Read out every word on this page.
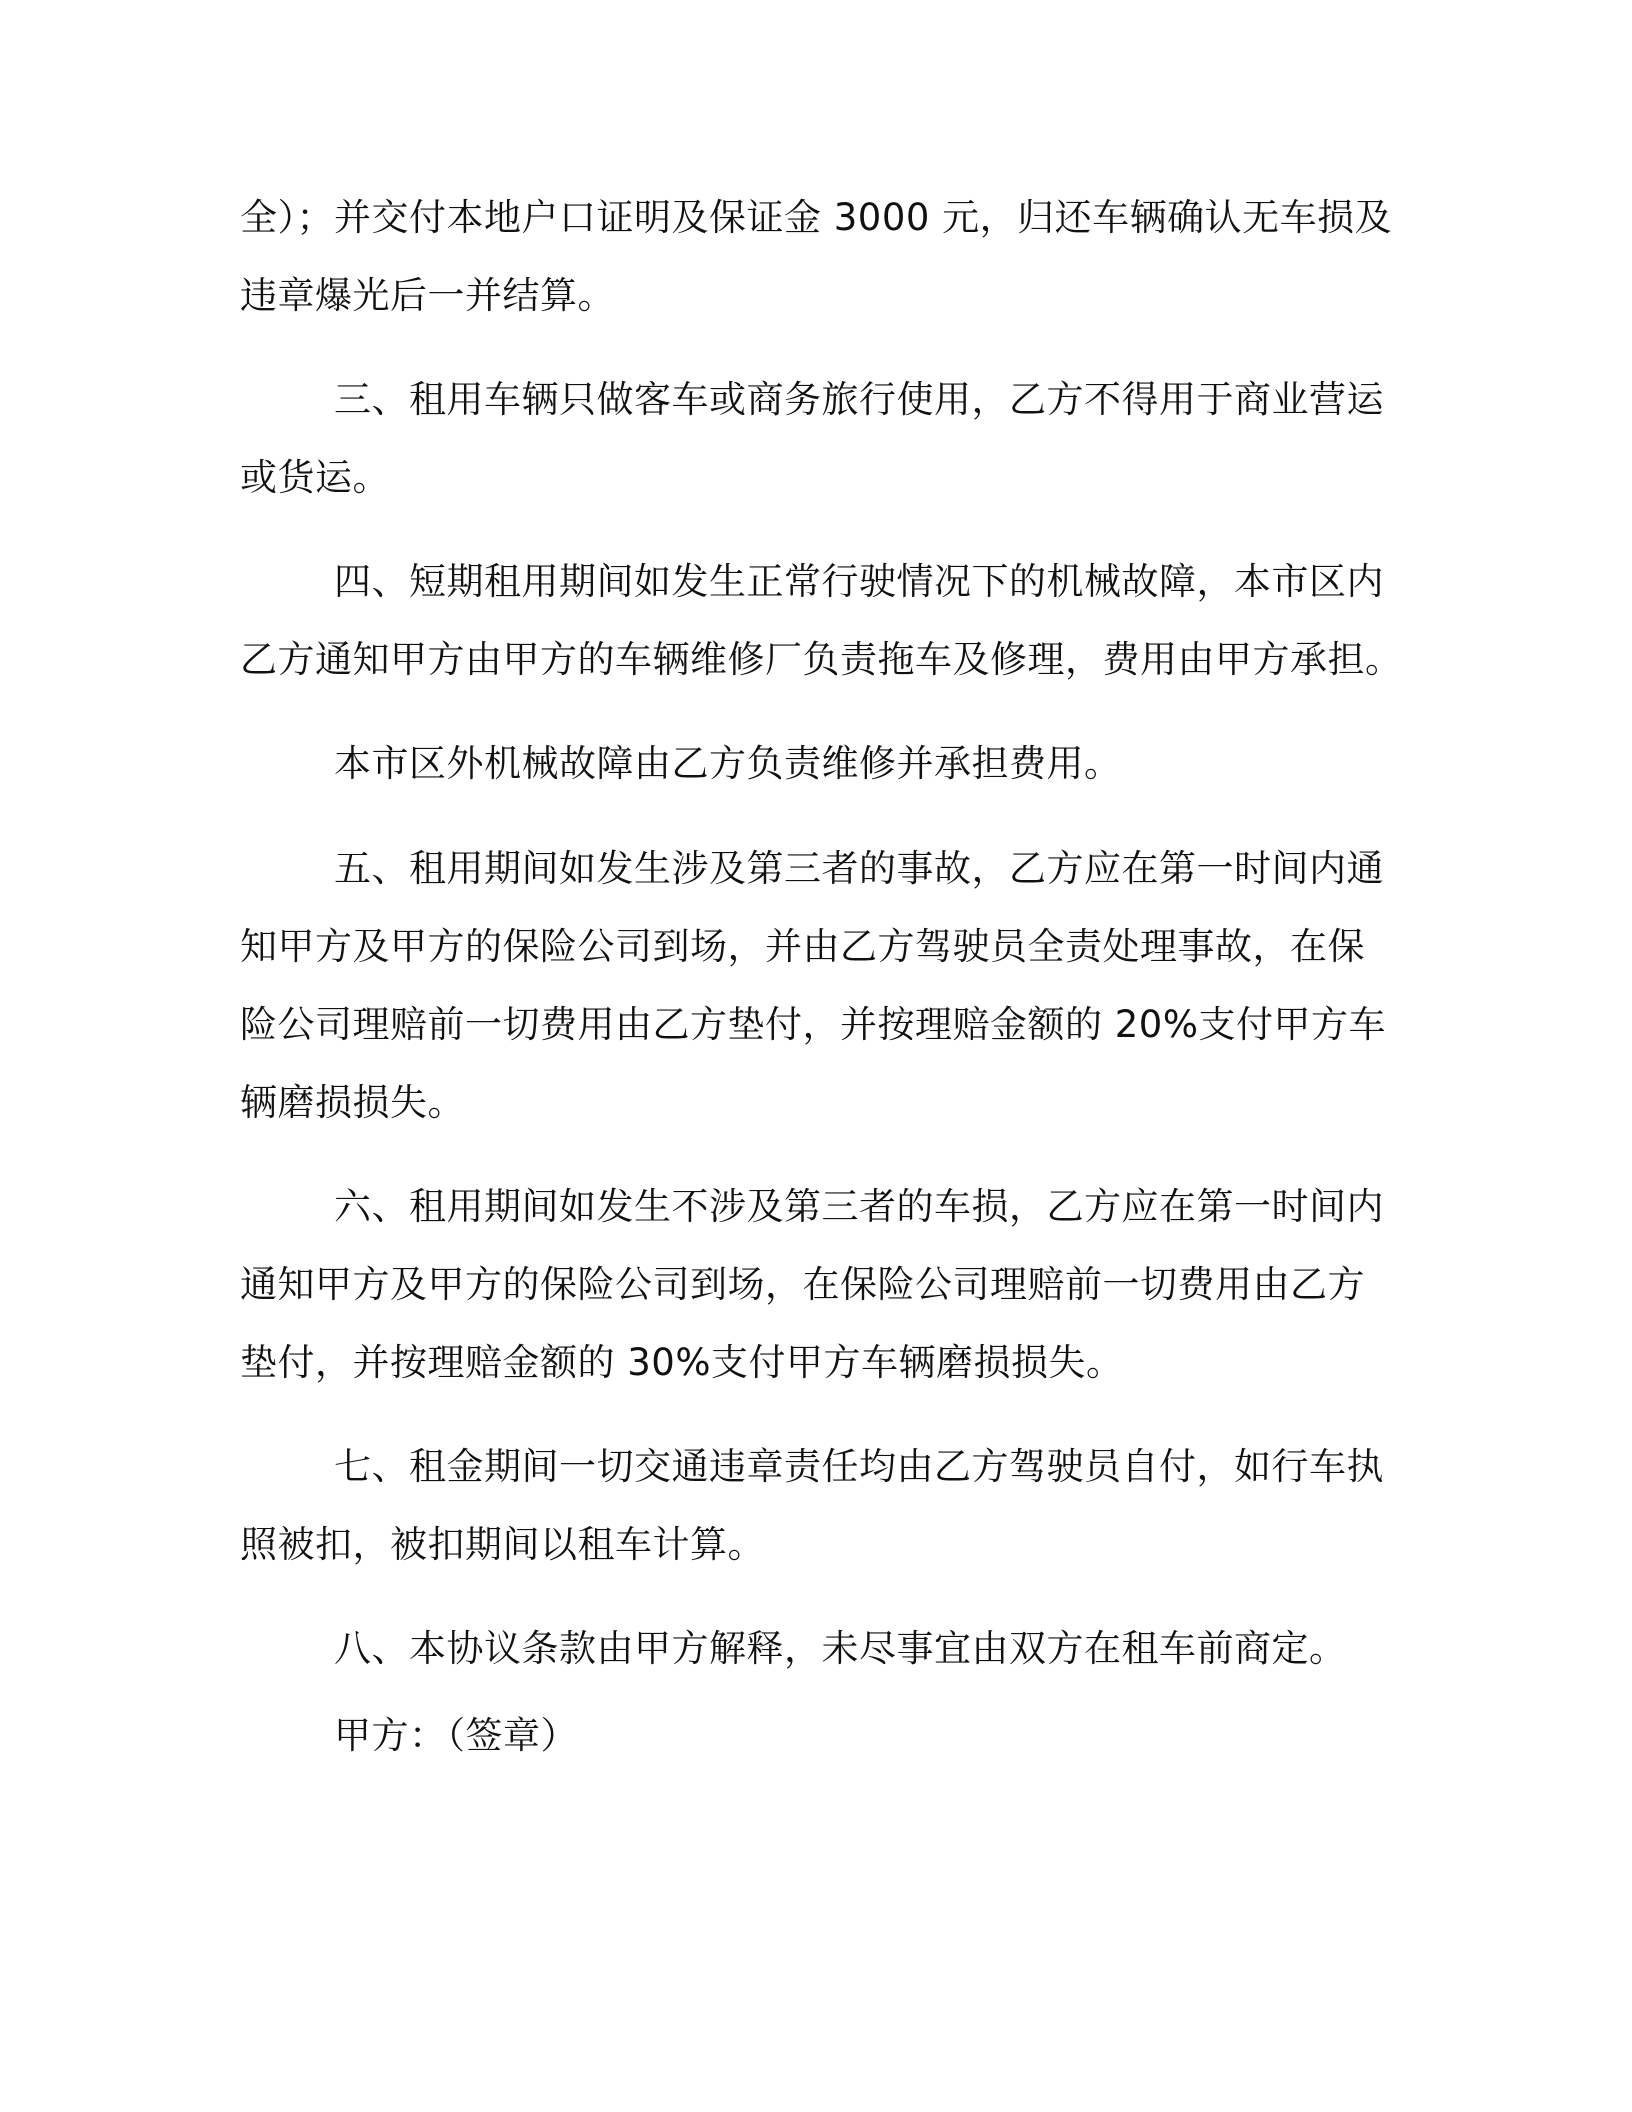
全）；并交付本地户口证明及保证金 3000 元，归还车辆确认无车损及
违章爆光后一并结算。
三、租用车辆只做客车或商务旅行使用，乙方不得用于商业营运
或货运。
四、短期租用期间如发生正常行驶情况下的机械故障，本市区内
乙方通知甲方由甲方的车辆维修厂负责拖车及修理，费用由甲方承担。
本市区外机械故障由乙方负责维修并承担费用。
五、租用期间如发生涉及第三者的事故，乙方应在第一时间内通
知甲方及甲方的保险公司到场，并由乙方驾驶员全责处理事故，在保
险公司理赔前一切费用由乙方垫付，并按理赔金额的 20%支付甲方车
辆磨损损失。
六、租用期间如发生不涉及第三者的车损，乙方应在第一时间内
通知甲方及甲方的保险公司到场，在保险公司理赔前一切费用由乙方
垫付，并按理赔金额的 30%支付甲方车辆磨损损失。
七、租金期间一切交通违章责任均由乙方驾驶员自付，如行车执
照被扣，被扣期间以租车计算。
八、本协议条款由甲方解释，未尽事宜由双方在租车前商定。
甲方：（签章）
